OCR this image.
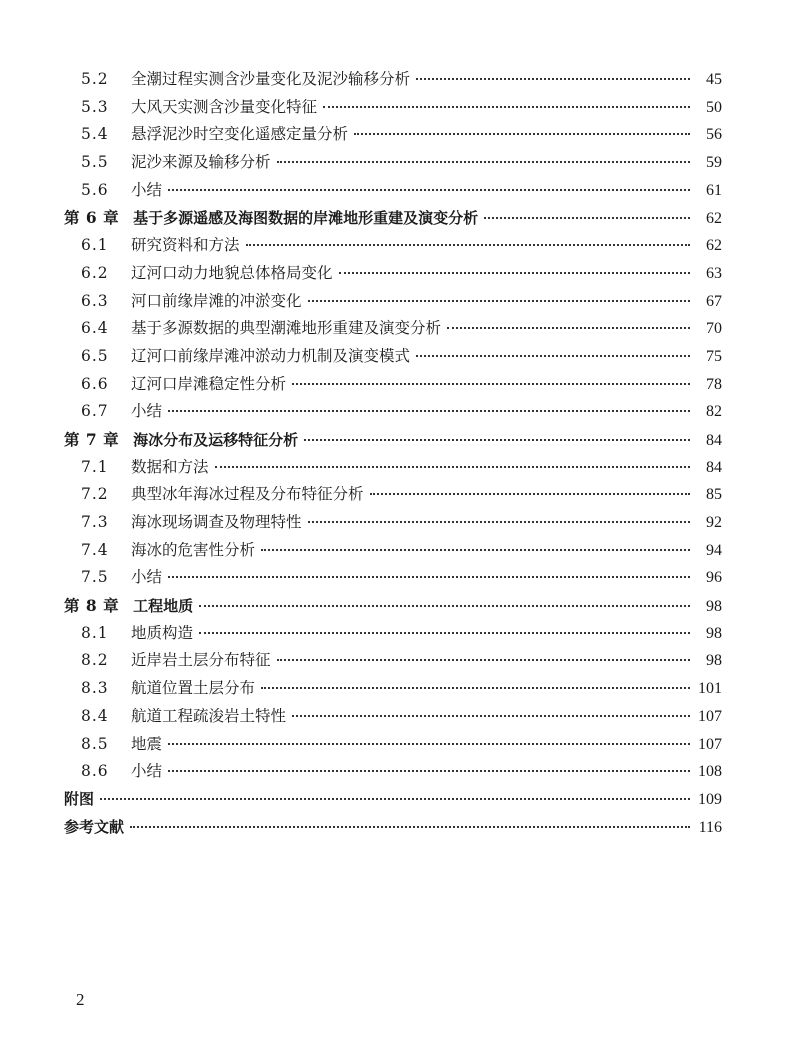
5.2	全潮过程实测含沙量变化及泥沙输移分析	45
5.3	大风天实测含沙量变化特征	50
5.4	悬浮泥沙时空变化遥感定量分析	56
5.5	泥沙来源及输移分析	59
5.6	小结	61
第 6 章 基于多源遥感及海图数据的岸滩地形重建及演变分析	62
6.1	研究资料和方法	62
6.2	辽河口动力地貌总体格局变化	63
6.3	河口前缘岸滩的冲淤变化	67
6.4	基于多源数据的典型潮滩地形重建及演变分析	70
6.5	辽河口前缘岸滩冲淤动力机制及演变模式	75
6.6	辽河口岸滩稳定性分析	78
6.7	小结	82
第 7 章 海冰分布及运移特征分析	84
7.1	数据和方法	84
7.2	典型冰年海冰过程及分布特征分析	85
7.3	海冰现场调查及物理特性	92
7.4	海冰的危害性分析	94
7.5	小结	96
第 8 章 工程地质	98
8.1	地质构造	98
8.2	近岸岩土层分布特征	98
8.3	航道位置土层分布	101
8.4	航道工程疏浚岩土特性	107
8.5	地震	107
8.6	小结	108
附图	109
参考文献	116
2
